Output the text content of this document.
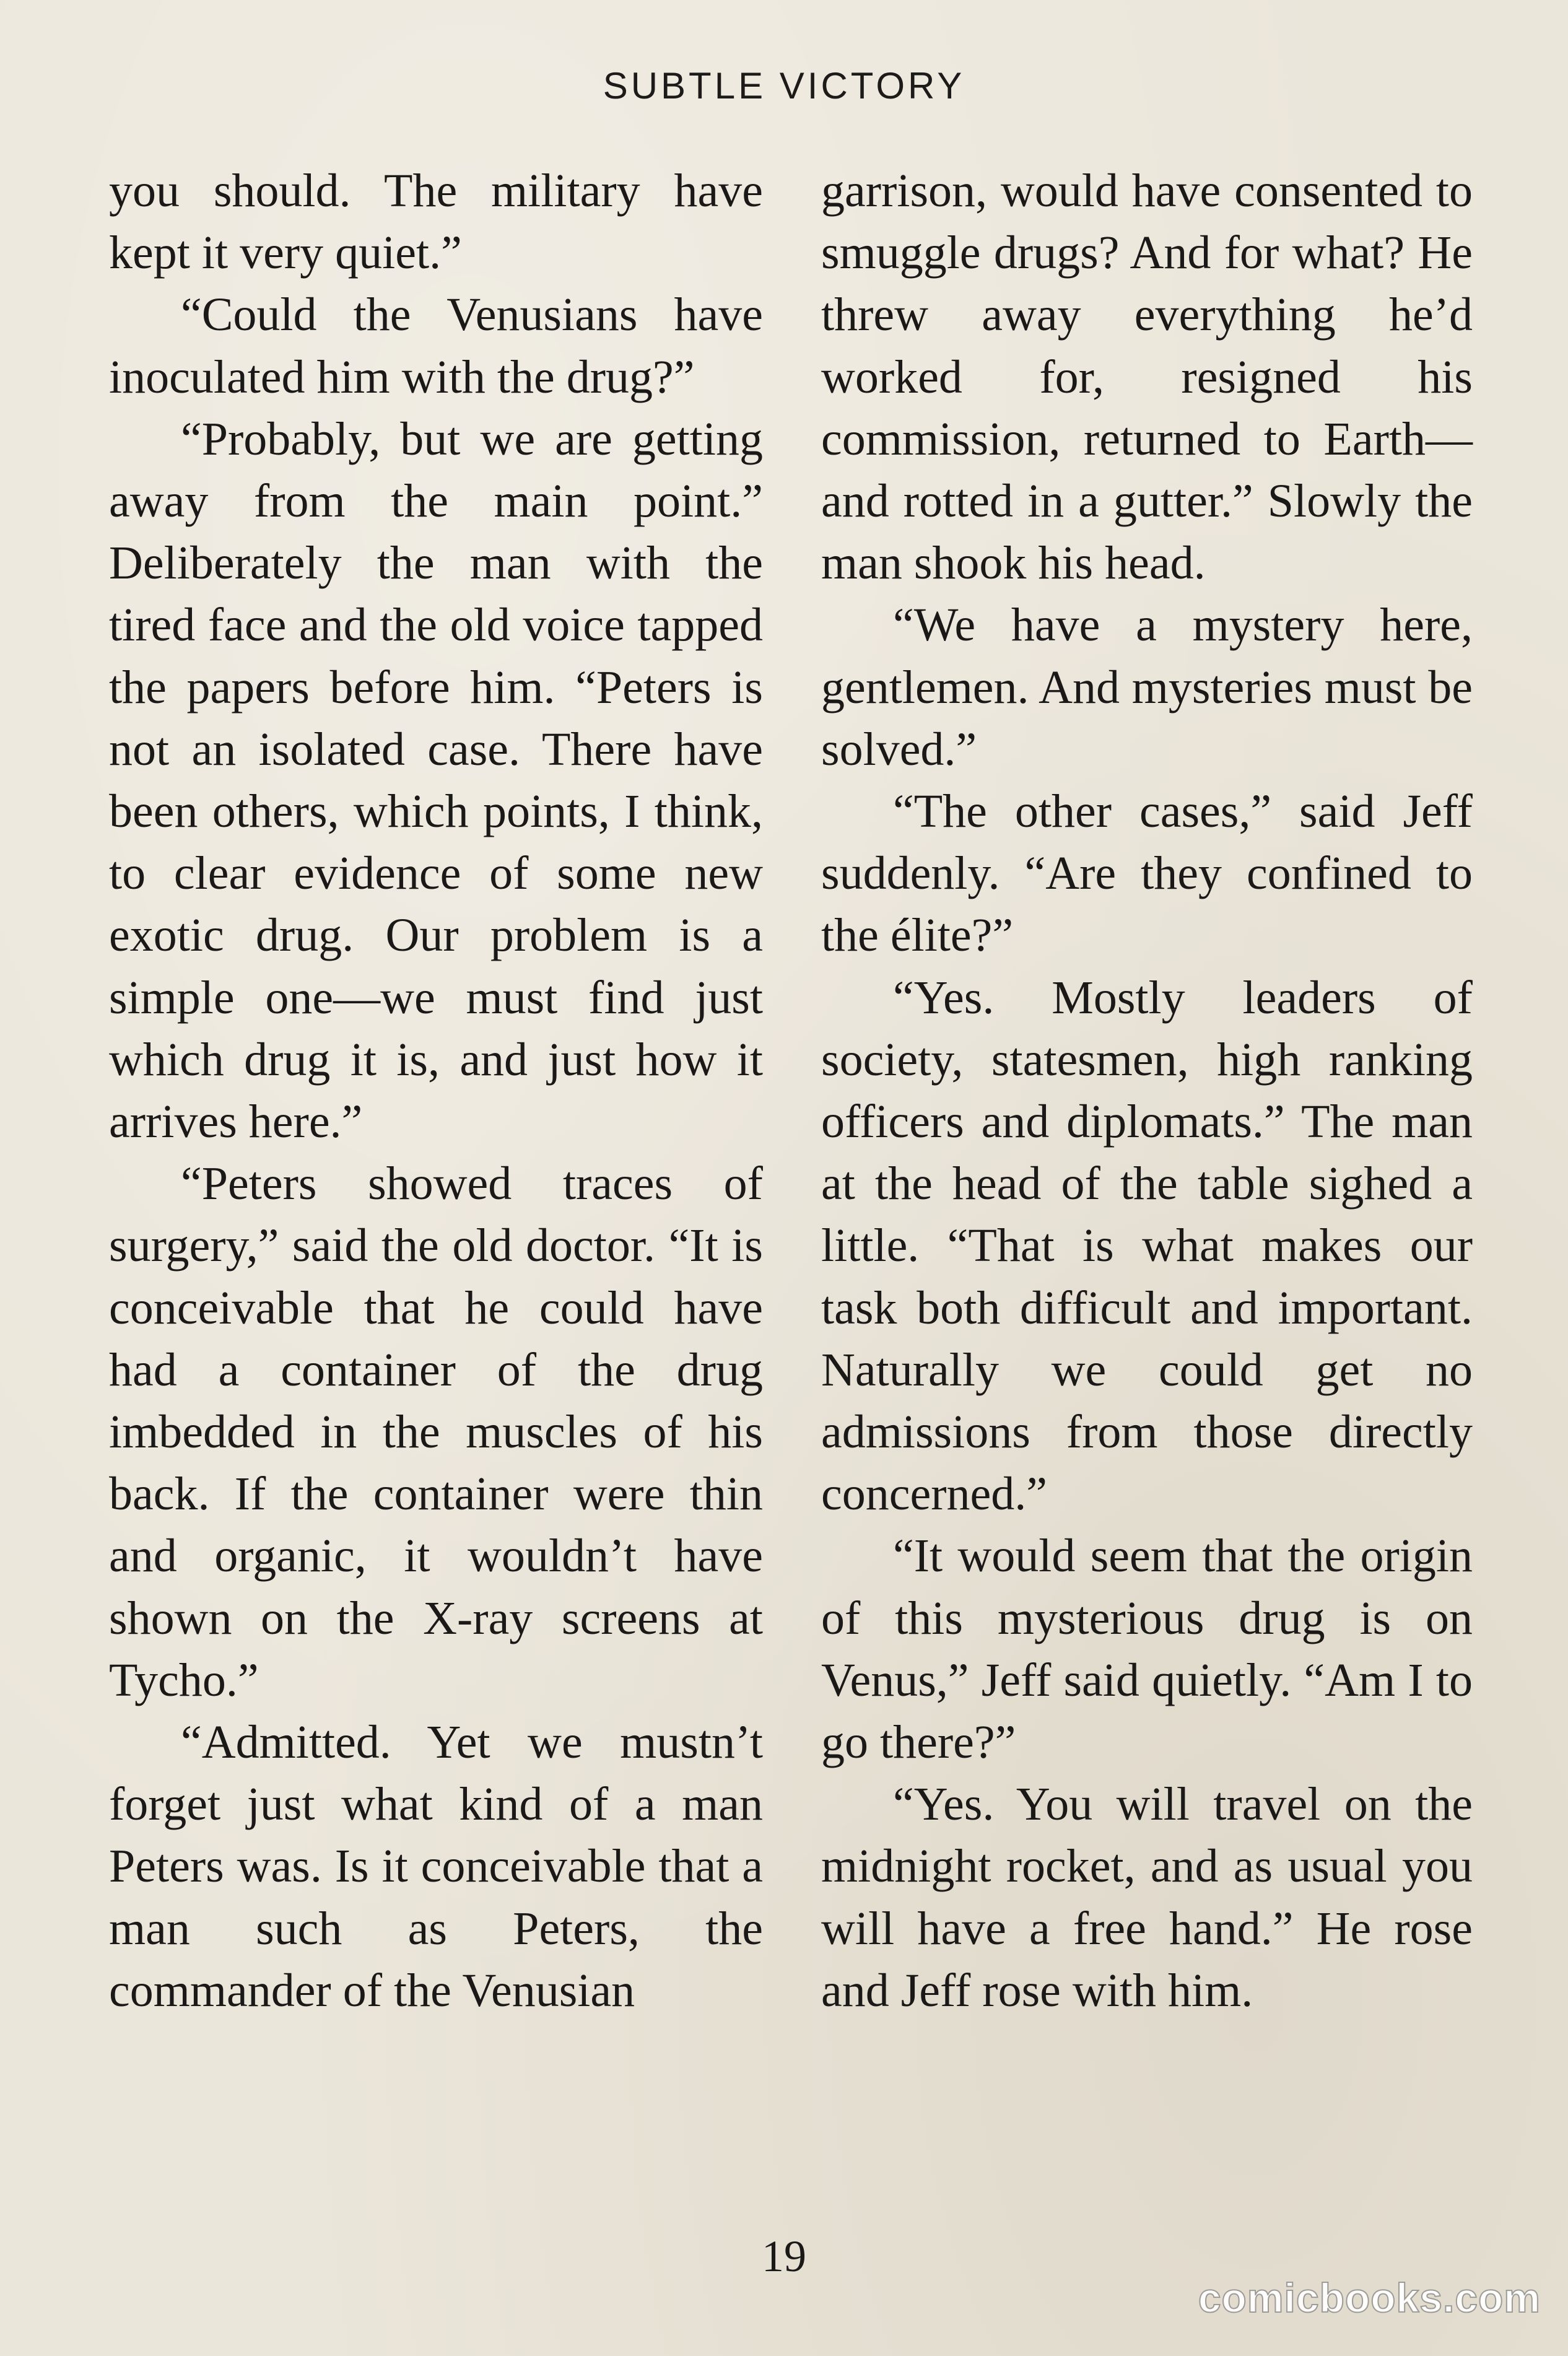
SUBTLE VICTORY

you should. The military have kept it very quiet.”

“Could the Venusians have inoculated him with the drug?”

“Probably, but we are getting away from the main point.” Deliberately the man with the tired face and the old voice tapped the papers before him. “Peters is not an isolated case. There have been others, which points, I think, to clear evidence of some new exotic drug. Our problem is a simple one—we must find just which drug it is, and just how it arrives here.”

“Peters showed traces of surgery,” said the old doctor. “It is conceivable that he could have had a container of the drug imbedded in the muscles of his back. If the container were thin and organic, it wouldn’t have shown on the X-ray screens at Tycho.”

“Admitted. Yet we mustn’t forget just what kind of a man Peters was. Is it conceivable that a man such as Peters, the commander of the Venusian

garrison, would have consented to smuggle drugs? And for what? He threw away everything he’d worked for, resigned his commission, returned to Earth—and rotted in a gutter.” Slowly the man shook his head.

“We have a mystery here, gentlemen. And mysteries must be solved.”

“The other cases,” said Jeff suddenly. “Are they confined to the élite?”

“Yes. Mostly leaders of society, statesmen, high ranking officers and diplomats.” The man at the head of the table sighed a little. “That is what makes our task both difficult and important. Naturally we could get no admissions from those directly concerned.”

“It would seem that the origin of this mysterious drug is on Venus,” Jeff said quietly. “Am I to go there?”

“Yes. You will travel on the midnight rocket, and as usual you will have a free hand.” He rose and Jeff rose with him.

19
comicbooks.com
